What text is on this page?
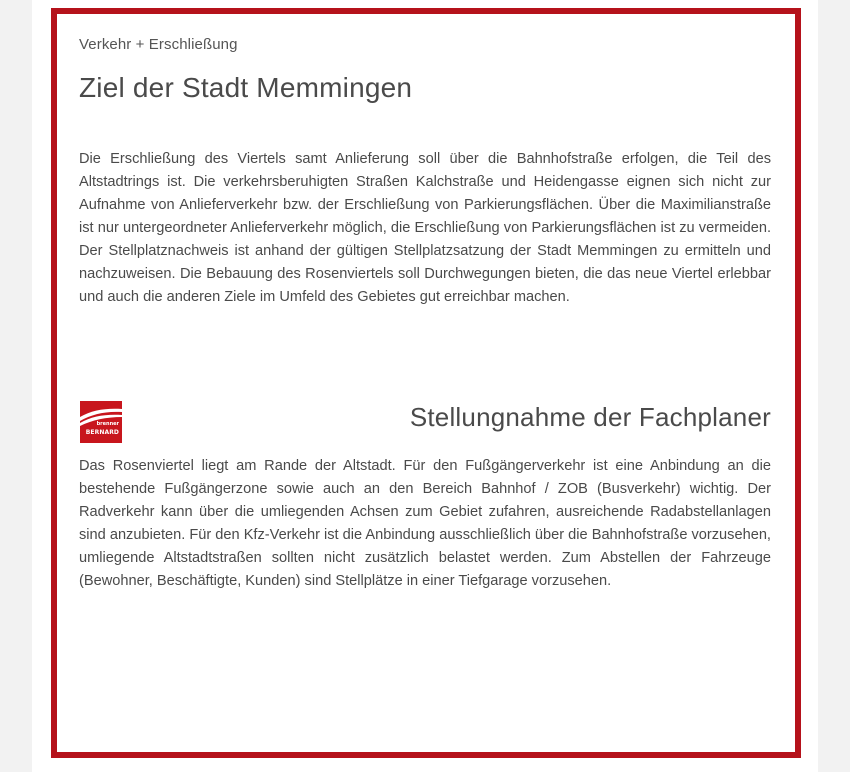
Verkehr + Erschließung
Ziel der Stadt Memmingen

Die Erschließung des Viertels samt Anlieferung soll über die Bahnhofstraße erfolgen, die Teil des Altstadtrings ist. Die verkehrsberuhigten Straßen Kalchstraße und Heidengasse eignen sich nicht zur Aufnahme von Anlieferverkehr bzw. der Erschließung von Parkierungsflächen. Über die Maximilianstraße ist nur untergeordneter Anlieferverkehr möglich, die Erschließung von Parkierungsflächen ist zu vermeiden. Der Stellplatznachweis ist anhand der gültigen Stellplatzsatzung der Stadt Memmingen zu ermitteln und nachzuweisen. Die Bebauung des Rosenviertels soll Durchwegungen bieten, die das neue Viertel erlebbar und auch die anderen Ziele im Umfeld des Gebietes gut erreichbar machen.

brenner
BERNARD
Stellungnahme der Fachplaner

Das Rosenviertel liegt am Rande der Altstadt. Für den Fußgängerverkehr ist eine Anbindung an die bestehende Fußgängerzone sowie auch an den Bereich Bahnhof / ZOB (Busverkehr) wichtig. Der Radverkehr kann über die umliegenden Achsen zum Gebiet zufahren, ausreichende Radabstellanlagen sind anzubieten. Für den Kfz-Verkehr ist die Anbindung ausschließlich über die Bahnhofstraße vorzusehen, umliegende Altstadtstraßen sollten nicht zusätzlich belastet werden. Zum Abstellen der Fahrzeuge (Bewohner, Beschäftigte, Kunden) sind Stellplätze in einer Tiefgarage vorzusehen.
